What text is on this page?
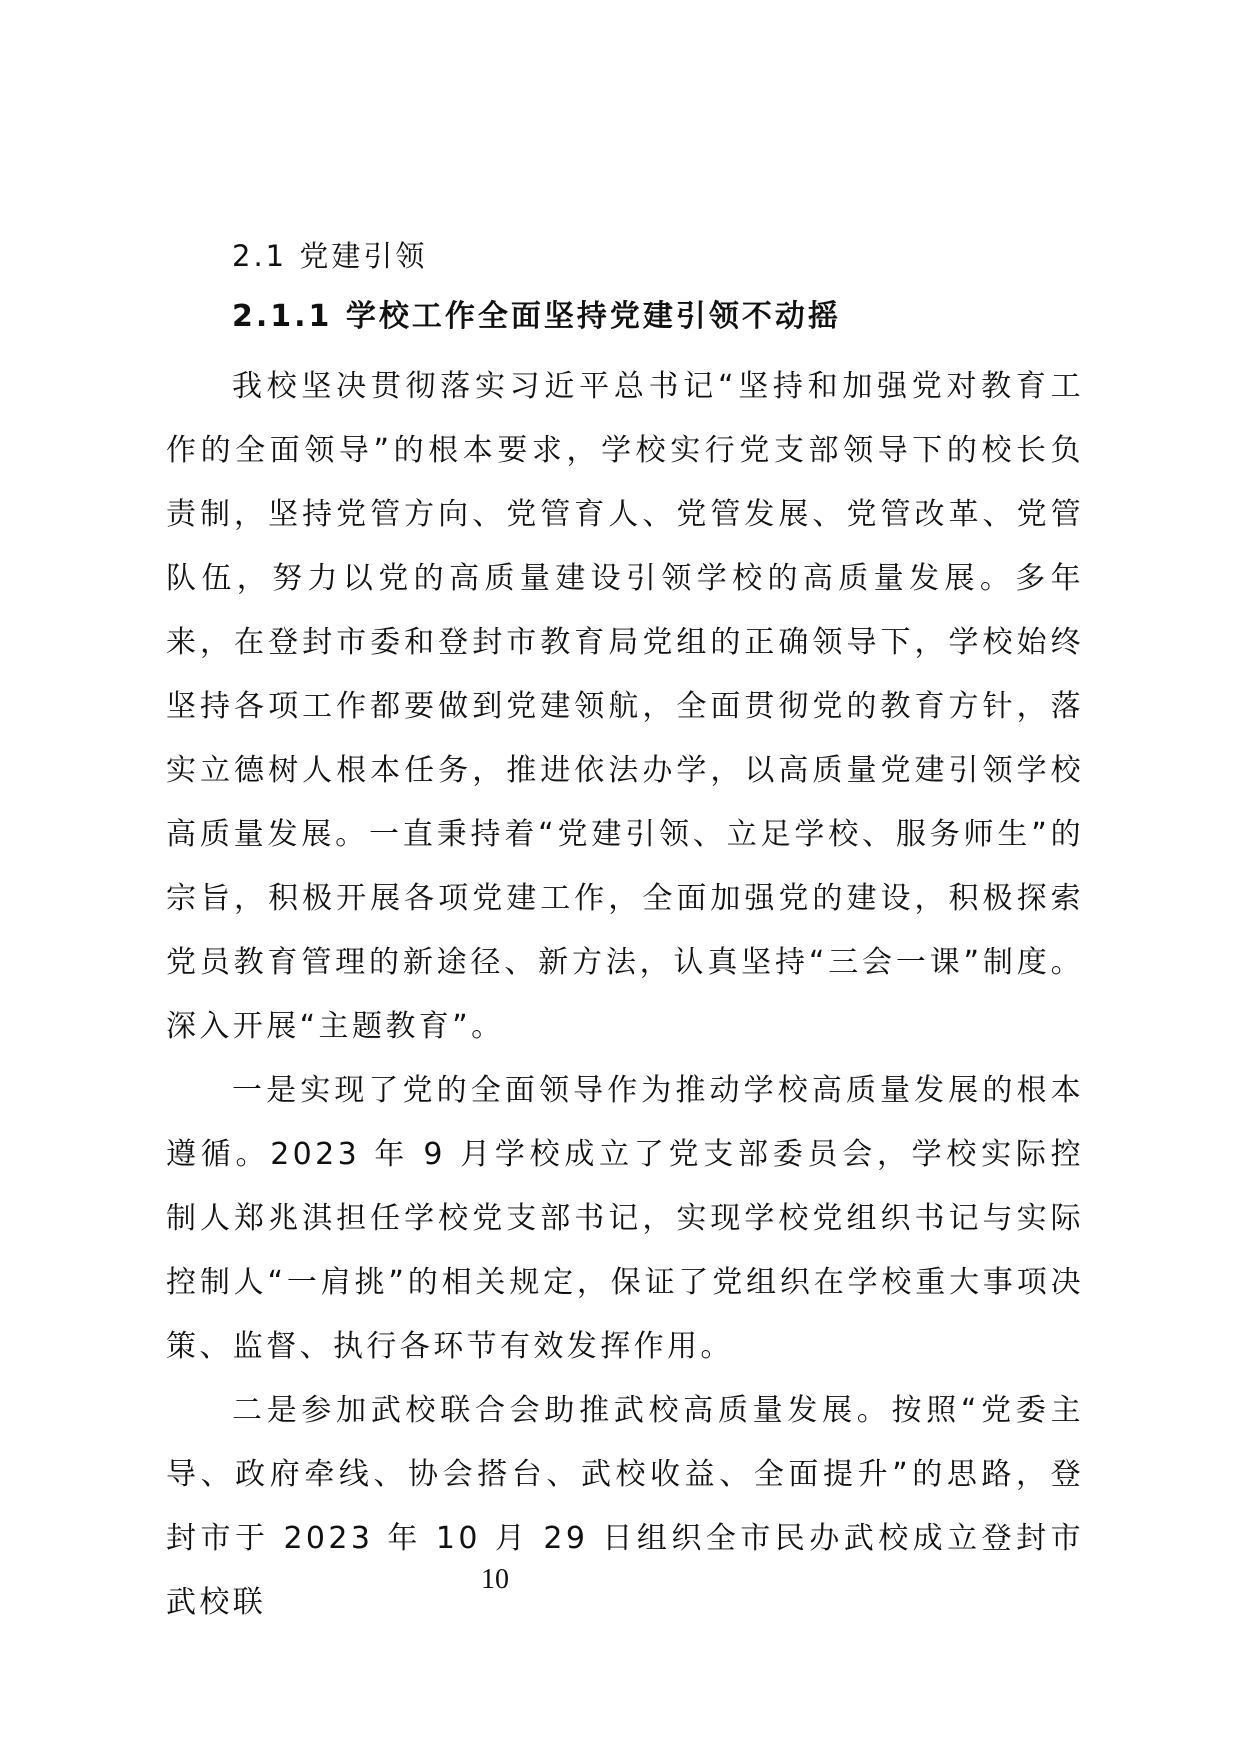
2.1 党建引领
2.1.1 学校工作全面坚持党建引领不动摇

我校坚决贯彻落实习近平总书记“坚持和加强党对教育工作的全面领导”的根本要求，学校实行党支部领导下的校长负责制，坚持党管方向、党管育人、党管发展、党管改革、党管队伍，努力以党的高质量建设引领学校的高质量发展。多年来，在登封市委和登封市教育局党组的正确领导下，学校始终坚持各项工作都要做到党建领航，全面贯彻党的教育方针，落实立德树人根本任务，推进依法办学，以高质量党建引领学校高质量发展。一直秉持着“党建引领、立足学校、服务师生”的宗旨，积极开展各项党建工作，全面加强党的建设，积极探索党员教育管理的新途径、新方法，认真坚持“三会一课”制度。 深入开展“主题教育”。

一是实现了党的全面领导作为推动学校高质量发展的根本遵循。2023 年 9 月学校成立了党支部委员会，学校实际控制人郑兆淇担任学校党支部书记，实现学校党组织书记与实际控制人“一肩挑”的相关规定，保证了党组织在学校重大事项决策、监督、执行各环节有效发挥作用。

二是参加武校联合会助推武校高质量发展。按照“党委主导、政府牵线、协会搭台、武校收益、全面提升”的思路，登封市于 2023 年 10 月 29 日组织全市民办武校成立登封市武校联

10
